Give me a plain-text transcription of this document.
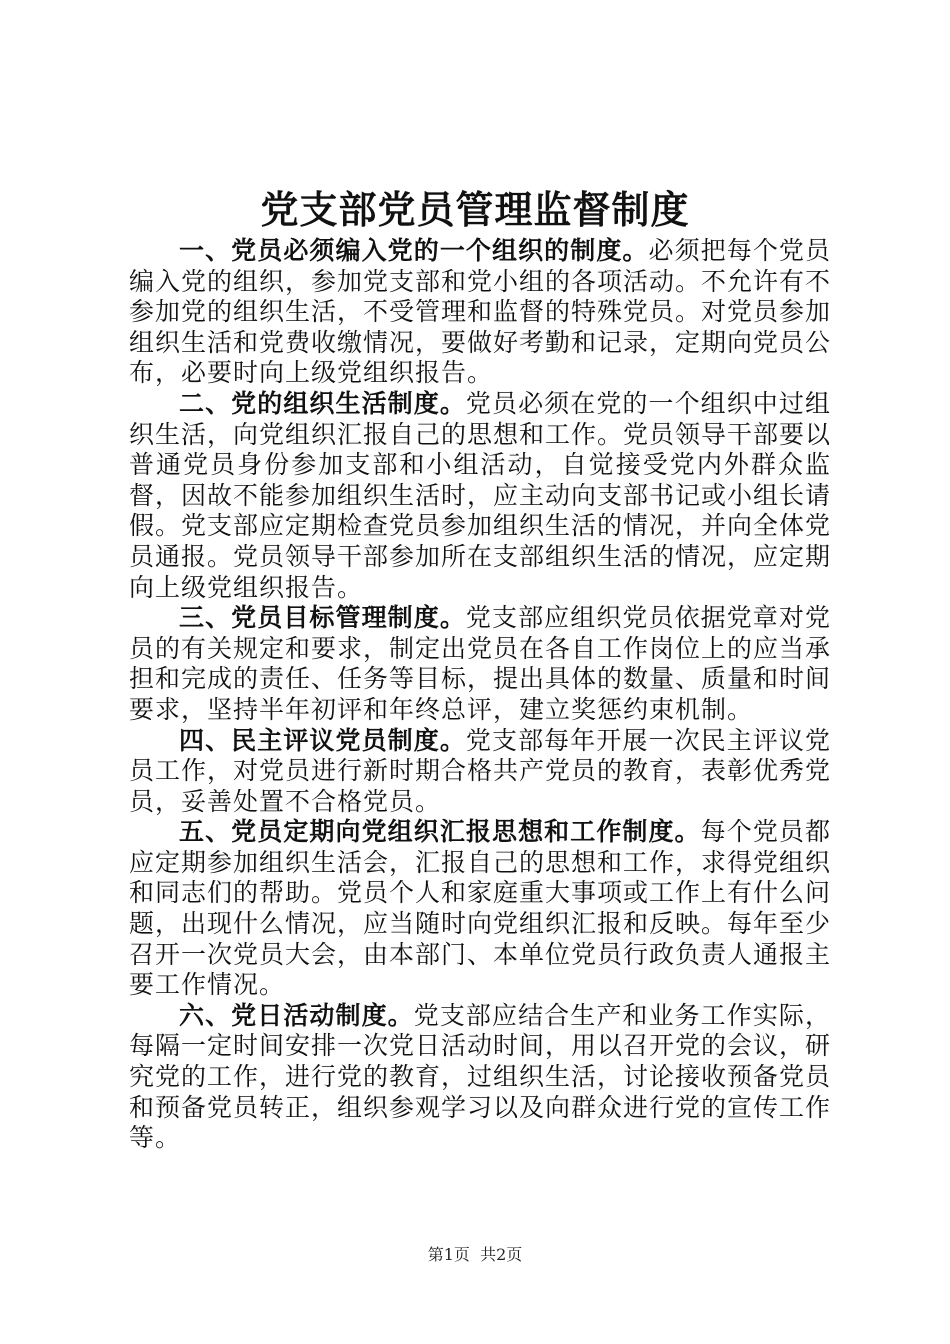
党支部党员管理监督制度

一、党员必须编入党的一个组织的制度。必须把每个党员编入党的组织，参加党支部和党小组的各项活动。不允许有不参加党的组织生活，不受管理和监督的特殊党员。对党员参加组织生活和党费收缴情况，要做好考勤和记录，定期向党员公布，必要时向上级党组织报告。

二、党的组织生活制度。党员必须在党的一个组织中过组织生活，向党组织汇报自己的思想和工作。党员领导干部要以普通党员身份参加支部和小组活动，自觉接受党内外群众监督，因故不能参加组织生活时，应主动向支部书记或小组长请假。党支部应定期检查党员参加组织生活的情况，并向全体党员通报。党员领导干部参加所在支部组织生活的情况，应定期向上级党组织报告。

三、党员目标管理制度。党支部应组织党员依据党章对党员的有关规定和要求，制定出党员在各自工作岗位上的应当承担和完成的责任、任务等目标，提出具体的数量、质量和时间要求，坚持半年初评和年终总评，建立奖惩约束机制。

四、民主评议党员制度。党支部每年开展一次民主评议党员工作，对党员进行新时期合格共产党员的教育，表彰优秀党员，妥善处置不合格党员。

五、党员定期向党组织汇报思想和工作制度。每个党员都应定期参加组织生活会，汇报自己的思想和工作，求得党组织和同志们的帮助。党员个人和家庭重大事项或工作上有什么问题，出现什么情况，应当随时向党组织汇报和反映。每年至少召开一次党员大会，由本部门、本单位党员行政负责人通报主要工作情况。

六、党日活动制度。党支部应结合生产和业务工作实际，每隔一定时间安排一次党日活动时间，用以召开党的会议，研究党的工作，进行党的教育，过组织生活，讨论接收预备党员和预备党员转正，组织参观学习以及向群众进行党的宣传工作等。

第1页 共2页
